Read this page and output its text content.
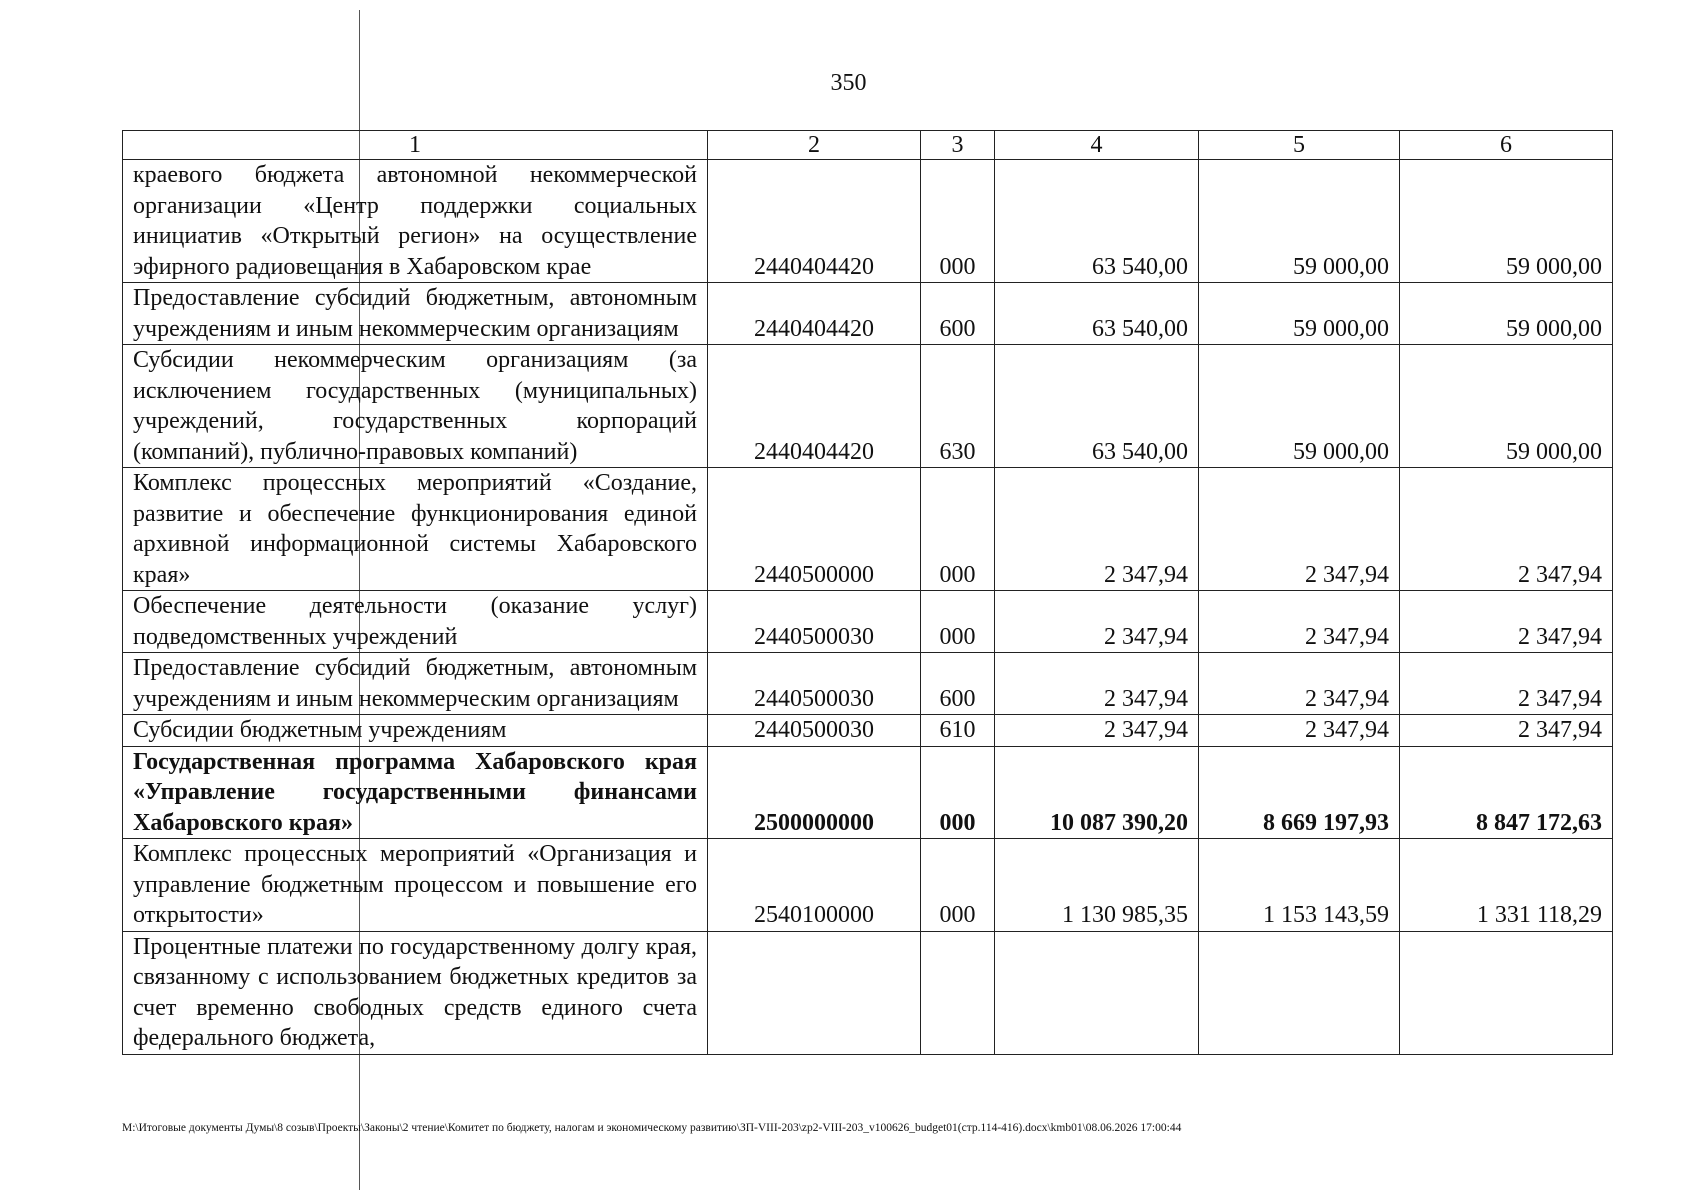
350
1	2	3	4	5	6
краевого бюджета автономной некоммерческой организации «Центр поддержки социальных инициатив «Открытый регион» на осуществление эфирного радиовещания в Хабаровском крае	2440404420	000	63 540,00	59 000,00	59 000,00
Предоставление субсидий бюджетным, автономным учреждениям и иным некоммерческим организациям	2440404420	600	63 540,00	59 000,00	59 000,00
Субсидии некоммерческим организациям (за исключением государственных (муниципальных) учреждений, государственных корпораций (компаний), публично-правовых компаний)	2440404420	630	63 540,00	59 000,00	59 000,00
Комплекс процессных мероприятий «Создание, развитие и обеспечение функционирования единой архивной информационной системы Хабаровского края»	2440500000	000	2 347,94	2 347,94	2 347,94
Обеспечение деятельности (оказание услуг) подведомственных учреждений	2440500030	000	2 347,94	2 347,94	2 347,94
Предоставление субсидий бюджетным, автономным учреждениям и иным некоммерческим организациям	2440500030	600	2 347,94	2 347,94	2 347,94
Субсидии бюджетным учреждениям	2440500030	610	2 347,94	2 347,94	2 347,94
Государственная программа Хабаровского края «Управление государственными финансами Хабаровского края»	2500000000	000	10 087 390,20	8 669 197,93	8 847 172,63
Комплекс процессных мероприятий «Организация и управление бюджетным процессом и повышение его открытости»	2540100000	000	1 130 985,35	1 153 143,59	1 331 118,29
Процентные платежи по государственному долгу края, связанному с использованием бюджетных кредитов за счет временно свободных средств единого счета федерального бюджета,					
М:\Итоговые документы Думы\8 созыв\Проекты\Законы\2 чтение\Комитет по бюджету, налогам и экономическому развитию\ЗП-VIII-203\zp2-VIII-203_v100626_budget01(стр.114-416).docx\kmb01\08.06.2026 17:00:44
